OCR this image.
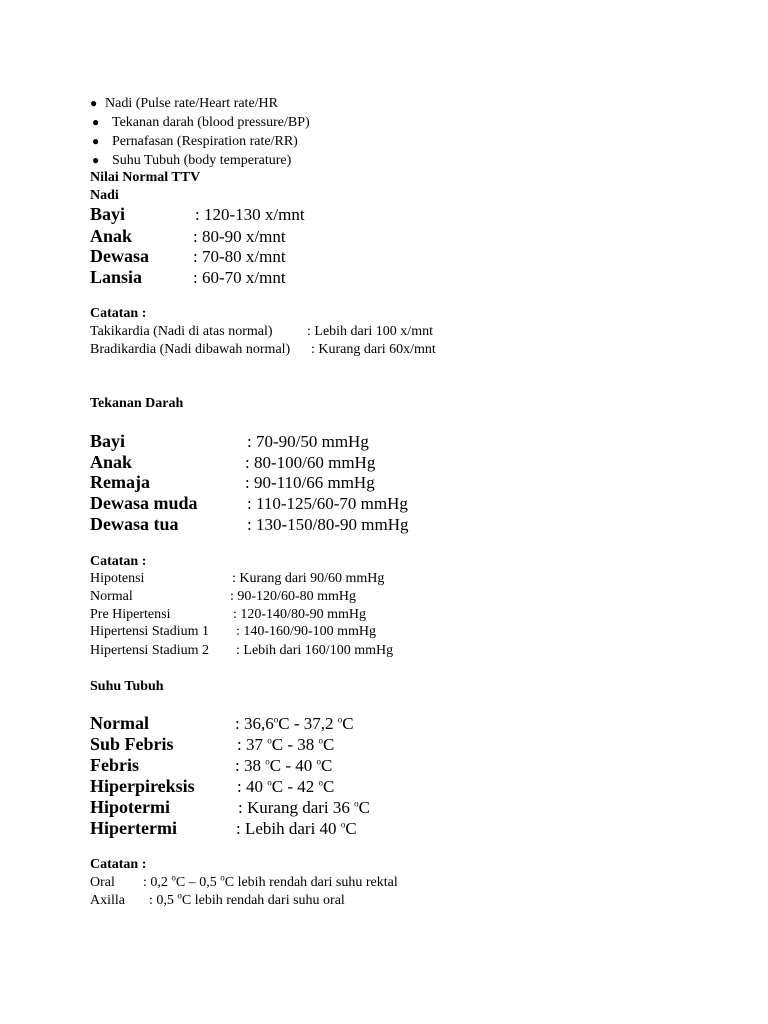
● Nadi (Pulse rate/Heart rate/HR
● Tekanan darah (blood pressure/BP)
● Pernafasan (Respiration rate/RR)
● Suhu Tubuh (body temperature)
Nilai Normal TTV
Nadi
Bayi	: 120-130 x/mnt
Anak	: 80-90 x/mnt
Dewasa	: 70-80 x/mnt
Lansia	: 60-70 x/mnt
Catatan :
Takikardia (Nadi di atas normal) : Lebih dari 100 x/mnt
Bradikardia (Nadi dibawah normal) : Kurang dari 60x/mnt
Tekanan Darah
Bayi	: 70-90/50 mmHg
Anak	: 80-100/60 mmHg
Remaja	: 90-110/66 mmHg
Dewasa muda	: 110-125/60-70 mmHg
Dewasa tua	: 130-150/80-90 mmHg
Catatan :
Hipotensi	: Kurang dari 90/60 mmHg
Normal	: 90-120/60-80 mmHg
Pre Hipertensi	: 120-140/80-90 mmHg
Hipertensi Stadium 1 : 140-160/90-100 mmHg
Hipertensi Stadium 2 : Lebih dari 160/100 mmHg
Suhu Tubuh
Normal	: 36,6$^o$C - 37,2 $^o$C
Sub Febris	: 37 $^o$C - 38 $^o$C
Febris	: 38 $^o$C - 40 $^o$C
Hiperpireksis : 40 $^o$C - 42 $^o$C
Hipotermi	: Kurang dari 36 $^o$C
Hipertermi	: Lebih dari 40 $^o$C
Catatan :
Oral : 0,2 $^o$C – 0,5 $^o$C lebih rendah dari suhu rektal
Axilla : 0,5 $^o$C lebih rendah dari suhu oral
